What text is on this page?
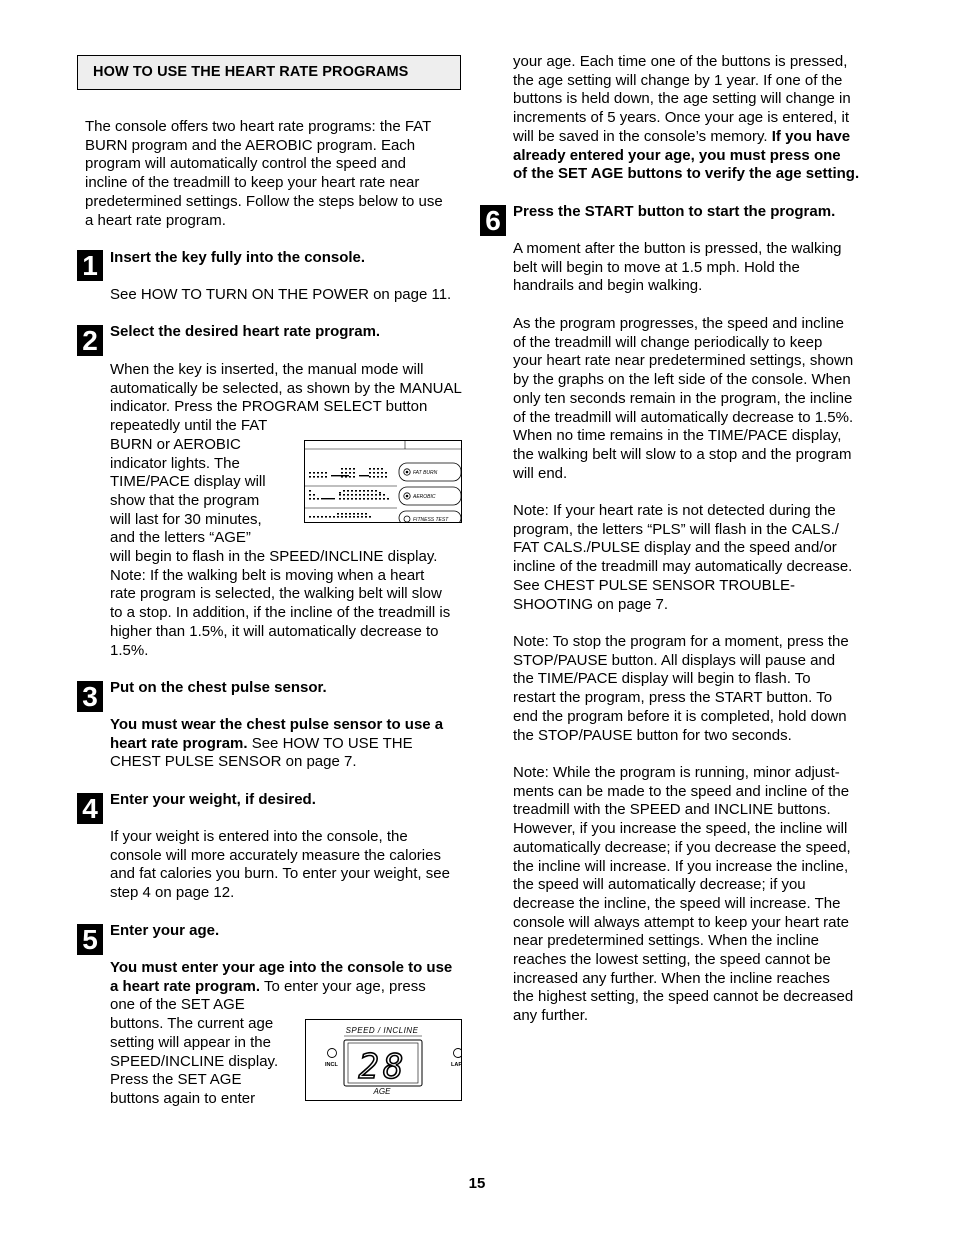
HOW TO USE THE HEART RATE PROGRAMS
The console offers two heart rate programs: the FAT
BURN program and the AEROBIC program. Each
program will automatically control the speed and
incline of the treadmill to keep your heart rate near
predetermined settings. Follow the steps below to use
a heart rate program.
1
2
3
4
5
6

Insert the key fully into the console.

See HOW TO TURN ON THE POWER on page 11.

Select the desired heart rate program.

When the key is inserted, the manual mode will
automatically be selected, as shown by the MANUAL
indicator. Press the PROGRAM SELECT button
repeatedly until the FAT
BURN or AEROBIC
indicator lights. The
TIME/PACE display will
show that the program
will last for 30 minutes,
and the letters “AGE”
will begin to flash in the SPEED/INCLINE display.
Note: If the walking belt is moving when a heart
rate program is selected, the walking belt will slow
to a stop. In addition, if the incline of the treadmill is
higher than 1.5%, it will automatically decrease to
1.5%.

Put on the chest pulse sensor.

You must wear the chest pulse sensor to use a
heart rate program. See HOW TO USE THE
CHEST PULSE SENSOR on page 7.

Enter your weight, if desired.

If your weight is entered into the console, the
console will more accurately measure the calories
and fat calories you burn. To enter your weight, see
step 4 on page 12.

Enter your age.

You must enter your age into the console to use
a heart rate program. To enter your age, press
one of the SET AGE
buttons. The current age
setting will appear in the
SPEED/INCLINE display.
Press the SET AGE
buttons again to enter
FAT BURN
AEROBIC
FITNESS TEST
SPEED / INCLINE
28
AGE
INCL	LAP
your age. Each time one of the buttons is pressed,
the age setting will change by 1 year. If one of the
buttons is held down, the age setting will change in
increments of 5 years. Once your age is entered, it
will be saved in the console’s memory. If you have
already entered your age, you must press one
of the SET AGE buttons to verify the age setting.

Press the START button to start the program.

A moment after the button is pressed, the walking
belt will begin to move at 1.5 mph. Hold the
handrails and begin walking.
As the program progresses, the speed and incline
of the treadmill will change periodically to keep
your heart rate near predetermined settings, shown
by the graphs on the left side of the console. When
only ten seconds remain in the program, the incline
of the treadmill will automatically decrease to 1.5%.
When no time remains in the TIME/PACE display,
the walking belt will slow to a stop and the program
will end.
Note: If your heart rate is not detected during the
program, the letters “PLS” will flash in the CALS./
FAT CALS./PULSE display and the speed and/or
incline of the treadmill may automatically decrease.
See CHEST PULSE SENSOR TROUBLE-
SHOOTING on page 7.
Note: To stop the program for a moment, press the
STOP/PAUSE button. All displays will pause and
the TIME/PACE display will begin to flash. To
restart the program, press the START button. To
end the program before it is completed, hold down
the STOP/PAUSE button for two seconds.
Note: While the program is running, minor adjust-
ments can be made to the speed and incline of the
treadmill with the SPEED and INCLINE buttons.
However, if you increase the speed, the incline will
automatically decrease; if you decrease the speed,
the incline will increase. If you increase the incline,
the speed will automatically decrease; if you
decrease the incline, the speed will increase. The
console will always attempt to keep your heart rate
near predetermined settings. When the incline
reaches the lowest setting, the speed cannot be
increased any further. When the incline reaches
the highest setting, the speed cannot be decreased
any further.
15
